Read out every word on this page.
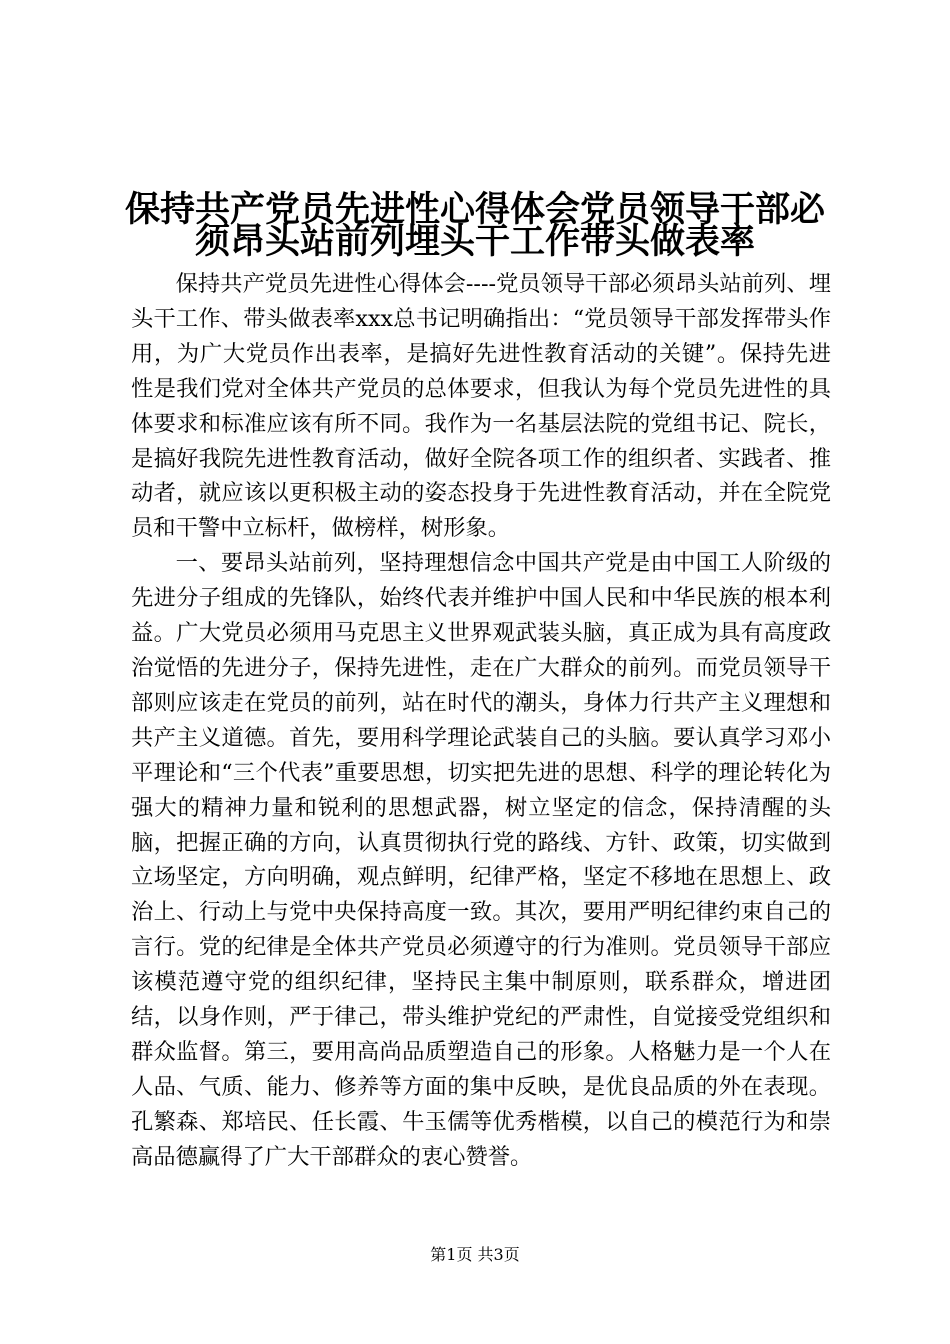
保持共产党员先进性心得体会党员领导干部必
须昂头站前列埋头干工作带头做表率

保持共产党员先进性心得体会----党员领导干部必须昂头站前列、埋头干工作、带头做表率xxx总书记明确指出：“党员领导干部发挥带头作用，为广大党员作出表率，是搞好先进性教育活动的关键”。保持先进性是我们党对全体共产党员的总体要求，但我认为每个党员先进性的具体要求和标准应该有所不同。我作为一名基层法院的党组书记、院长，是搞好我院先进性教育活动，做好全院各项工作的组织者、实践者、推动者，就应该以更积极主动的姿态投身于先进性教育活动，并在全院党员和干警中立标杆，做榜样，树形象。

一、要昂头站前列，坚持理想信念中国共产党是由中国工人阶级的先进分子组成的先锋队，始终代表并维护中国人民和中华民族的根本利益。广大党员必须用马克思主义世界观武装头脑，真正成为具有高度政治觉悟的先进分子，保持先进性，走在广大群众的前列。而党员领导干部则应该走在党员的前列，站在时代的潮头，身体力行共产主义理想和共产主义道德。首先，要用科学理论武装自己的头脑。要认真学习邓小平理论和“三个代表”重要思想，切实把先进的思想、科学的理论转化为强大的精神力量和锐利的思想武器，树立坚定的信念，保持清醒的头脑，把握正确的方向，认真贯彻执行党的路线、方针、政策，切实做到立场坚定，方向明确，观点鲜明，纪律严格，坚定不移地在思想上、政治上、行动上与党中央保持高度一致。其次，要用严明纪律约束自己的言行。党的纪律是全体共产党员必须遵守的行为准则。党员领导干部应该模范遵守党的组织纪律，坚持民主集中制原则，联系群众，增进团结，以身作则，严于律己，带头维护党纪的严肃性，自觉接受党组织和群众监督。第三，要用高尚品质塑造自己的形象。人格魅力是一个人在人品、气质、能力、修养等方面的集中反映，是优良品质的外在表现。孔繁森、郑培民、任长霞、牛玉儒等优秀楷模，以自己的模范行为和崇高品德赢得了广大干部群众的衷心赞誉。

第1页 共3页
